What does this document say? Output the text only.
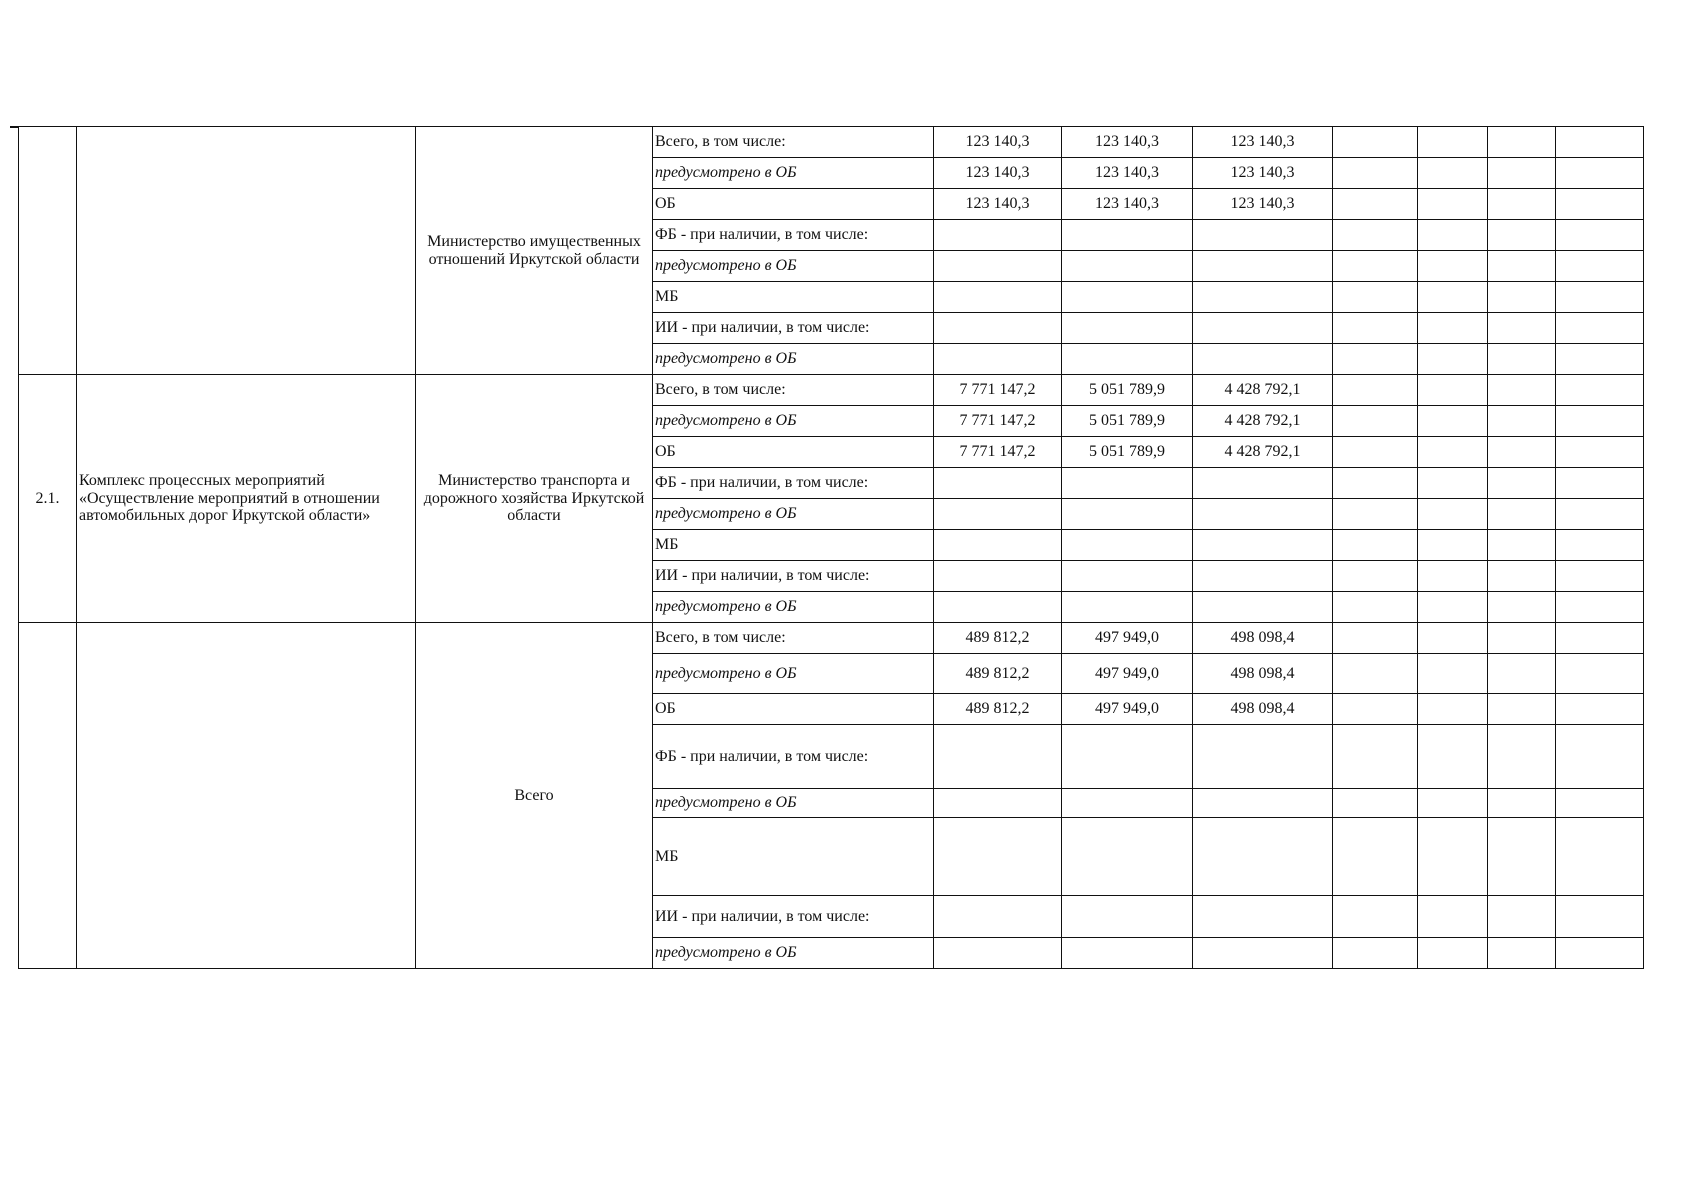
		Министерство имущественных отношений Иркутской области	Всего, в том числе:	123 140,3	123 140,3	123 140,3				
			предусмотрено в ОБ	123 140,3	123 140,3	123 140,3				
			ОБ	123 140,3	123 140,3	123 140,3				
			ФБ - при наличии, в том числе:							
			предусмотрено в ОБ							
			МБ							
			ИИ - при наличии, в том числе:							
			предусмотрено в ОБ							
2.1.	Комплекс процессных мероприятий «Осуществление мероприятий в отношении автомобильных дорог Иркутской области»	Министерство транспорта и дорожного хозяйства Иркутской области	Всего, в том числе:	7 771 147,2	5 051 789,9	4 428 792,1				
			предусмотрено в ОБ	7 771 147,2	5 051 789,9	4 428 792,1				
			ОБ	7 771 147,2	5 051 789,9	4 428 792,1				
			ФБ - при наличии, в том числе:							
			предусмотрено в ОБ							
			МБ							
			ИИ - при наличии, в том числе:							
			предусмотрено в ОБ							
		Всего	Всего, в том числе:	489 812,2	497 949,0	498 098,4				
			предусмотрено в ОБ	489 812,2	497 949,0	498 098,4				
			ОБ	489 812,2	497 949,0	498 098,4				
			ФБ - при наличии, в том числе:							
			предусмотрено в ОБ							
			МБ							
			ИИ - при наличии, в том числе:							
			предусмотрено в ОБ							
